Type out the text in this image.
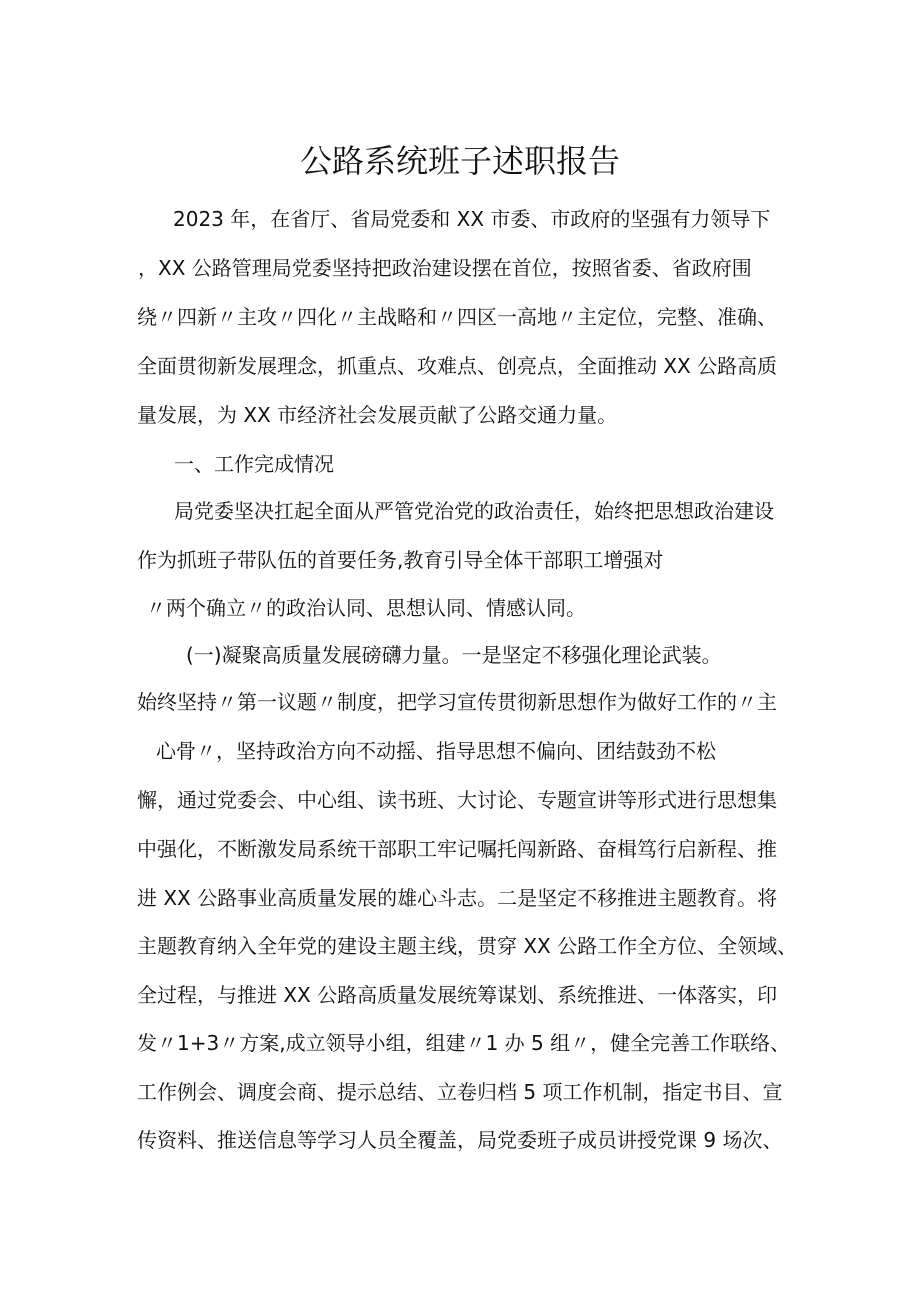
公路系统班子述职报告
2023 年，在省厅、省局党委和 XX 市委、市政府的坚强有力领导下
，XX 公路管理局党委坚持把政治建设摆在首位，按照省委、省政府围
绕〃四新〃主攻〃四化〃主战略和〃四区一高地〃主定位，完整、准确、
全面贯彻新发展理念，抓重点、攻难点、创亮点，全面推动 XX 公路高质
量发展，为 XX 市经济社会发展贡献了公路交通力量。
一、工作完成情况
局党委坚决扛起全面从严管党治党的政治责任，始终把思想政治建设
作为抓班子带队伍的首要任务,教育引导全体干部职工增强对
〃两个确立〃的政治认同、思想认同、情感认同。
(一)凝聚高质量发展磅礴力量。一是坚定不移强化理论武装。
始终坚持〃第一议题〃制度，把学习宣传贯彻新思想作为做好工作的〃主
心骨〃，坚持政治方向不动摇、指导思想不偏向、团结鼓劲不松
懈，通过党委会、中心组、读书班、大讨论、专题宣讲等形式进行思想集
中强化，不断激发局系统干部职工牢记嘱托闯新路、奋楫笃行启新程、推
进 XX 公路事业高质量发展的雄心斗志。二是坚定不移推进主题教育。将
主题教育纳入全年党的建设主题主线，贯穿 XX 公路工作全方位、全领域、
全过程，与推进 XX 公路高质量发展统筹谋划、系统推进、一体落实，印
发〃1+3〃方案,成立领导小组，组建〃1 办 5 组〃，健全完善工作联络、
工作例会、调度会商、提示总结、立卷归档 5 项工作机制，指定书目、宣
传资料、推送信息等学习人员全覆盖，局党委班子成员讲授党课 9 场次、
